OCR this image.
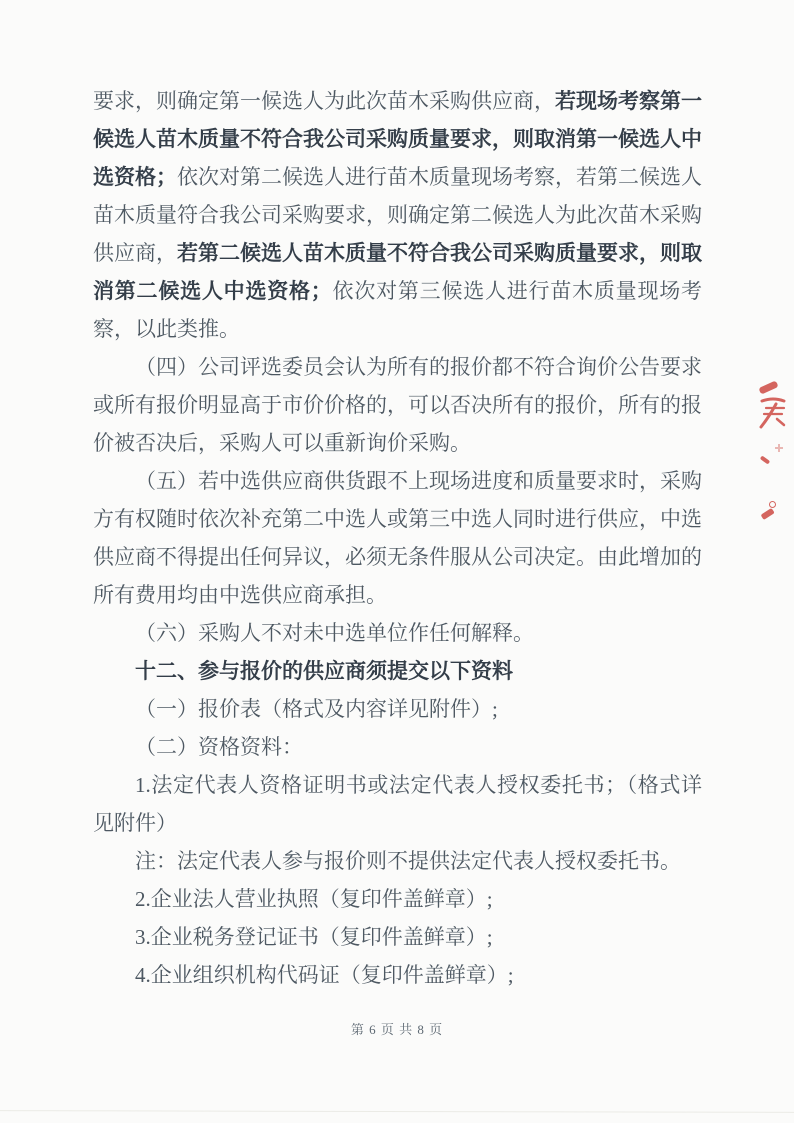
要求，则确定第一候选人为此次苗木采购供应商，若现场考察第一候选人苗木质量不符合我公司采购质量要求，则取消第一候选人中选资格；依次对第二候选人进行苗木质量现场考察，若第二候选人苗木质量符合我公司采购要求，则确定第二候选人为此次苗木采购供应商，若第二候选人苗木质量不符合我公司采购质量要求，则取消第二候选人中选资格；依次对第三候选人进行苗木质量现场考察，以此类推。

（四）公司评选委员会认为所有的报价都不符合询价公告要求或所有报价明显高于市价价格的，可以否决所有的报价，所有的报价被否决后，采购人可以重新询价采购。

（五）若中选供应商供货跟不上现场进度和质量要求时，采购方有权随时依次补充第二中选人或第三中选人同时进行供应，中选供应商不得提出任何异议，必须无条件服从公司决定。由此增加的所有费用均由中选供应商承担。

（六）采购人不对未中选单位作任何解释。

十二、参与报价的供应商须提交以下资料

（一）报价表（格式及内容详见附件）;

（二）资格资料：

1.法定代表人资格证明书或法定代表人授权委托书；（格式详见附件）

注：法定代表人参与报价则不提供法定代表人授权委托书。

2.企业法人营业执照（复印件盖鲜章）;

3.企业税务登记证书（复印件盖鲜章）;

4.企业组织机构代码证（复印件盖鲜章）;

第 6 页 共 8 页
